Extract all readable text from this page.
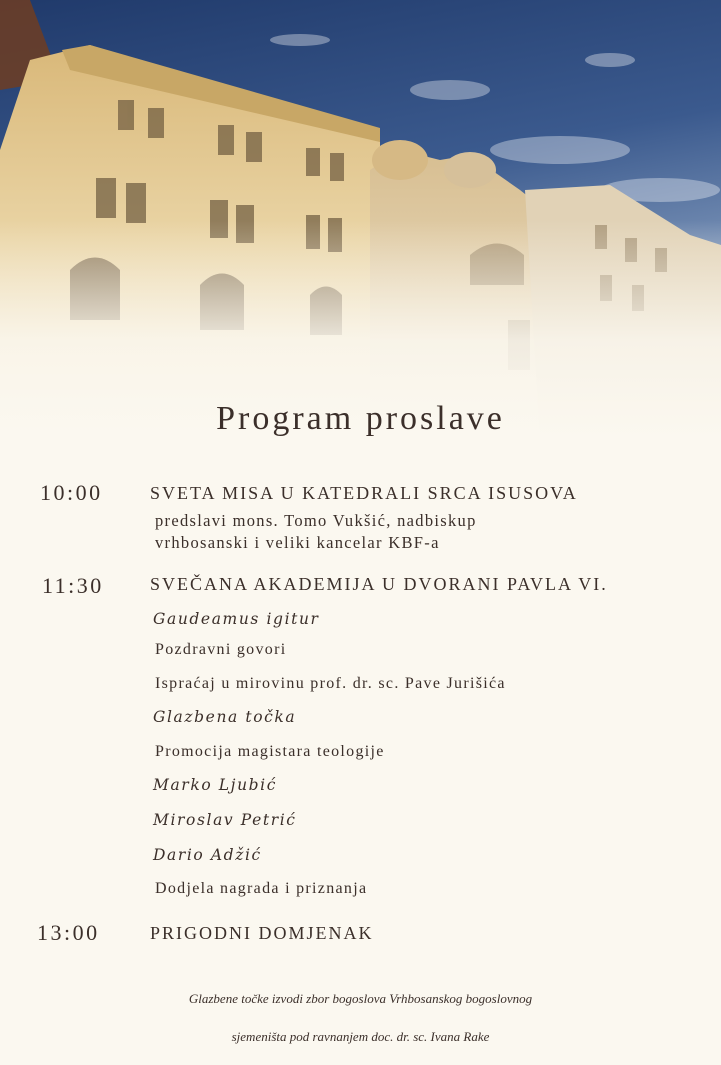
Program proslave
10:00	SVETA MISA U KATEDRALI SRCA ISUSOVA
predslavi mons. Tomo Vukšić, nadbiskup
vrhbosanski i veliki kancelar KBF-a
11:30	SVEČANA AKADEMIJA U DVORANI PAVLA VI.
Gaudeamus igitur
Pozdravni govori
Ispraćaj u mirovinu prof. dr. sc. Pave Jurišića
Glazbena točka
Promocija magistara teologije
Marko Ljubić
Miroslav Petrić
Dario Adžić
Dodjela nagrada i priznanja
13:00	PRIGODNI DOMJENAK

Glazbene točke izvodi zbor bogoslova Vrhbosanskog bogoslovnog

sjemeništa pod ravnanjem doc. dr. sc. Ivana Rake
